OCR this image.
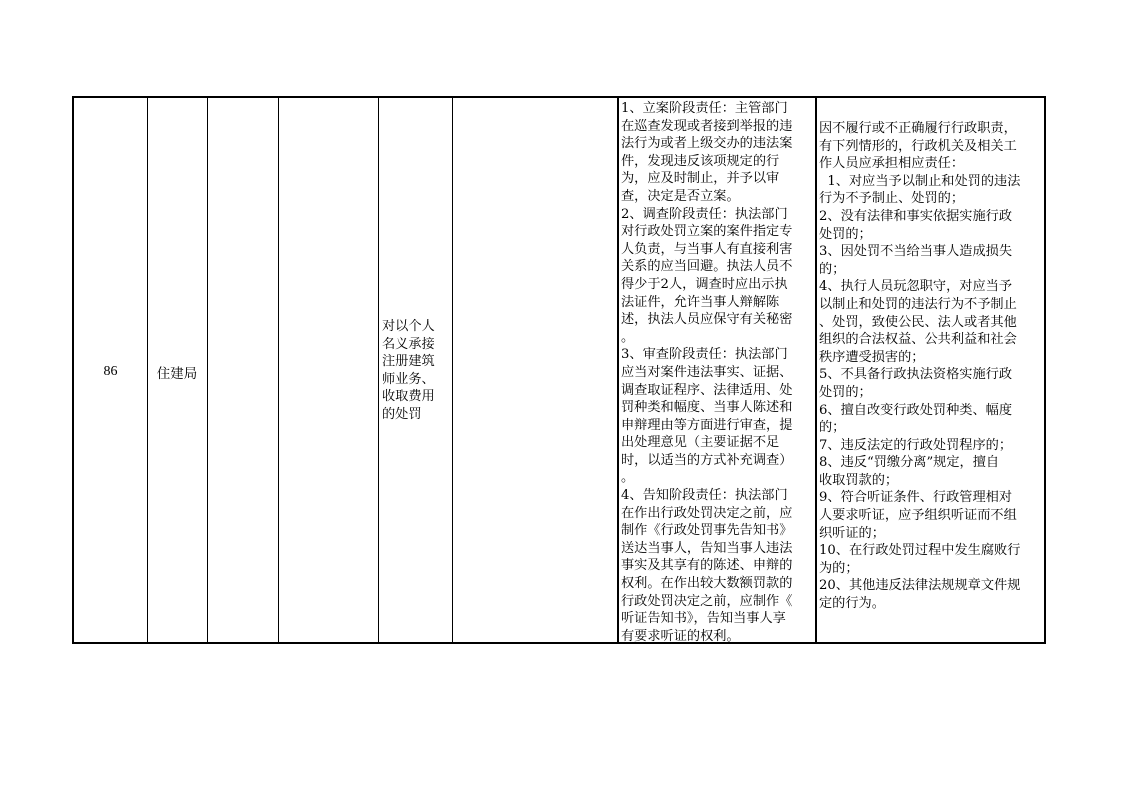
86	住建局
对以个人
名义承接
注册建筑
师业务、
收取费用
的处罚
1、立案阶段责任：主管部门
在巡查发现或者接到举报的违
法行为或者上级交办的违法案
件，发现违反该项规定的行
为，应及时制止，并予以审
查，决定是否立案。
2、调查阶段责任：执法部门
对行政处罚立案的案件指定专
人负责，与当事人有直接利害
关系的应当回避。执法人员不
得少于2人，调查时应出示执
法证件，允许当事人辩解陈
述，执法人员应保守有关秘密
。
3、审查阶段责任：执法部门
应当对案件违法事实、证据、
调查取证程序、法律适用、处
罚种类和幅度、当事人陈述和
申辩理由等方面进行审查，提
出处理意见（主要证据不足
时，以适当的方式补充调查）
。
4、告知阶段责任：执法部门
在作出行政处罚决定之前，应
制作《行政处罚事先告知书》
送达当事人，告知当事人违法
事实及其享有的陈述、申辩的
权利。在作出较大数额罚款的
行政处罚决定之前，应制作《
听证告知书》，告知当事人享
有要求听证的权利。
因不履行或不正确履行行政职责，
有下列情形的，行政机关及相关工
作人员应承担相应责任：
1、对应当予以制止和处罚的违法
行为不予制止、处罚的；
2、没有法律和事实依据实施行政
处罚的；
3、因处罚不当给当事人造成损失
的；
4、执行人员玩忽职守，对应当予
以制止和处罚的违法行为不予制止
、处罚，致使公民、法人或者其他
组织的合法权益、公共利益和社会
秩序遭受损害的；
5、不具备行政执法资格实施行政
处罚的；
6、擅自改变行政处罚种类、幅度
的；
7、违反法定的行政处罚程序的；
8、违反“罚缴分离”规定，擅自
收取罚款的；
9、符合听证条件、行政管理相对
人要求听证，应予组织听证而不组
织听证的；
10、在行政处罚过程中发生腐败行
为的；
20、其他违反法律法规规章文件规
定的行为。
